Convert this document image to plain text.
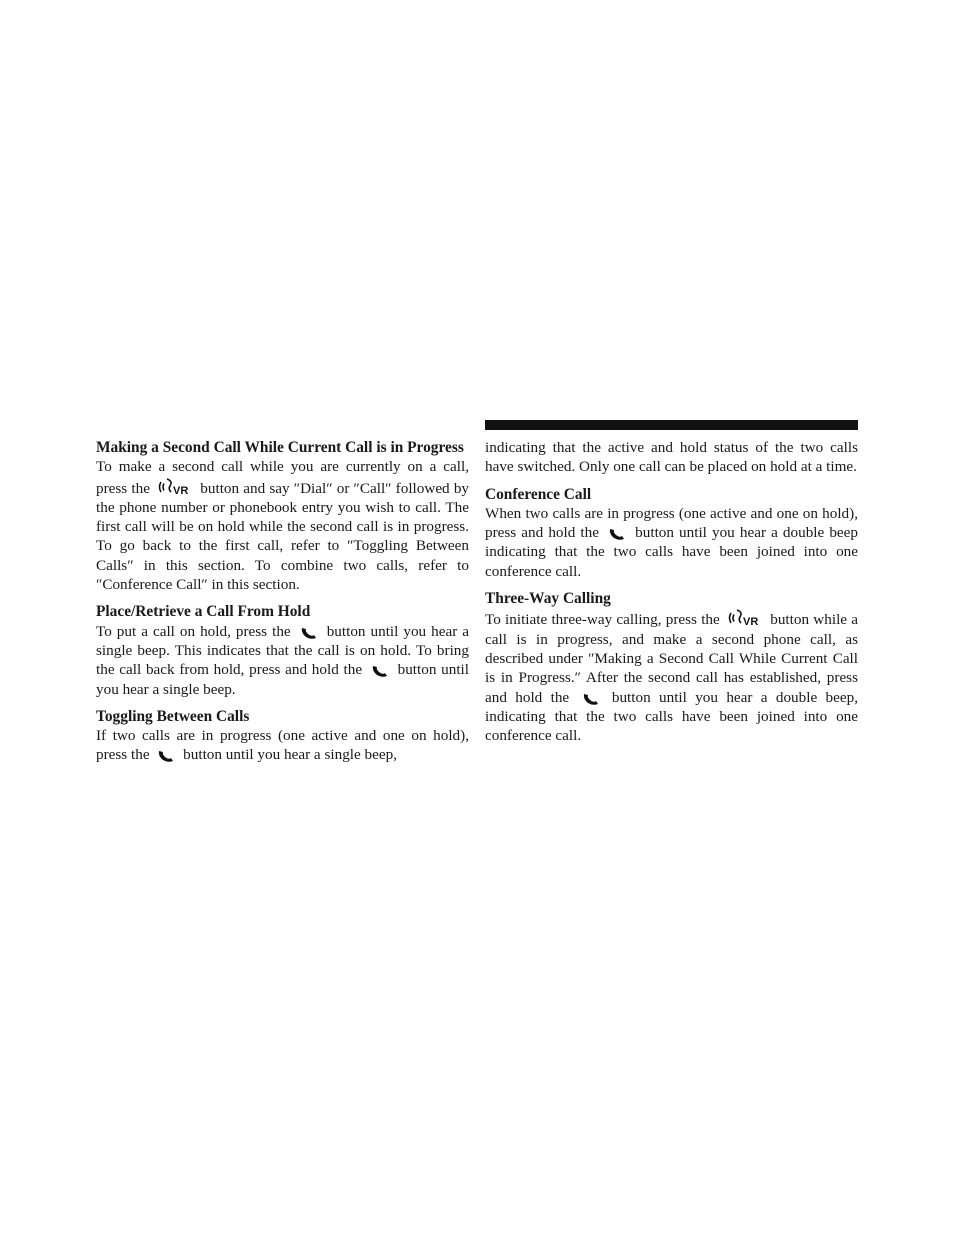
Making a Second Call While Current Call is in Progress

To make a second call while you are currently on a call, press the VR button and say ″Dial″ or ″Call″ followed by the phone number or phonebook entry you wish to call. The first call will be on hold while the second call is in progress. To go back to the first call, refer to ″Toggling Between Calls″ in this section. To combine two calls, refer to ″Conference Call″ in this section.

Place/Retrieve a Call From Hold

To put a call on hold, press the button until you hear a single beep. This indicates that the call is on hold. To bring the call back from hold, press and hold the button until you hear a single beep.

Toggling Between Calls

If two calls are in progress (one active and one on hold), press the button until you hear a single beep,

indicating that the active and hold status of the two calls have switched. Only one call can be placed on hold at a time.

Conference Call

When two calls are in progress (one active and one on hold), press and hold the button until you hear a double beep indicating that the two calls have been joined into one conference call.

Three-Way Calling

To initiate three-way calling, press the VR button while a call is in progress, and make a second phone call, as described under ″Making a Second Call While Current Call is in Progress.″ After the second call has established, press and hold the	button until you hear a double beep, indicating that the two calls have been joined into one conference call.
